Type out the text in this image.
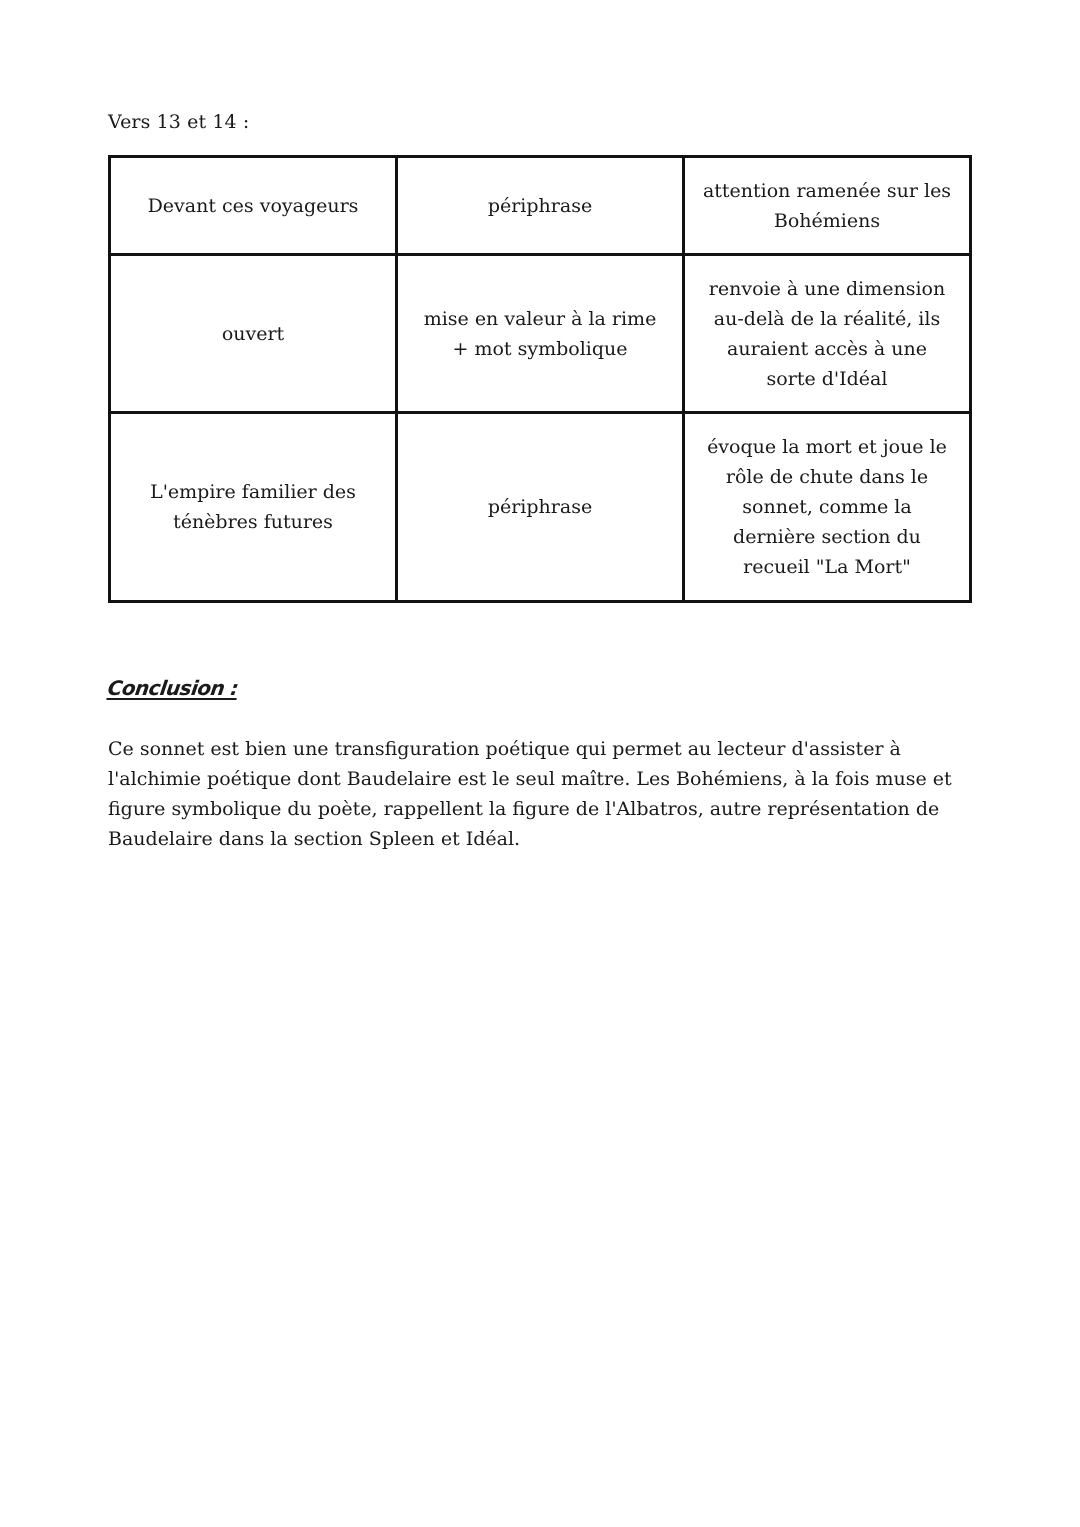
Vers 13 et 14 :
Devant ces voyageurs	périphrase	attention ramenée sur les Bohémiens
ouvert	mise en valeur à la rime + mot symbolique	renvoie à une dimension au-delà de la réalité, ils auraient accès à une sorte d'Idéal
L'empire familier des ténèbres futures	périphrase	évoque la mort et joue le rôle de chute dans le sonnet, comme la dernière section du recueil "La Mort"
Conclusion :

Ce sonnet est bien une transfiguration poétique qui permet au lecteur d'assister à l'alchimie poétique dont Baudelaire est le seul maître. Les Bohémiens, à la fois muse et figure symbolique du poète, rappellent la figure de l'Albatros, autre représentation de Baudelaire dans la section Spleen et Idéal.
